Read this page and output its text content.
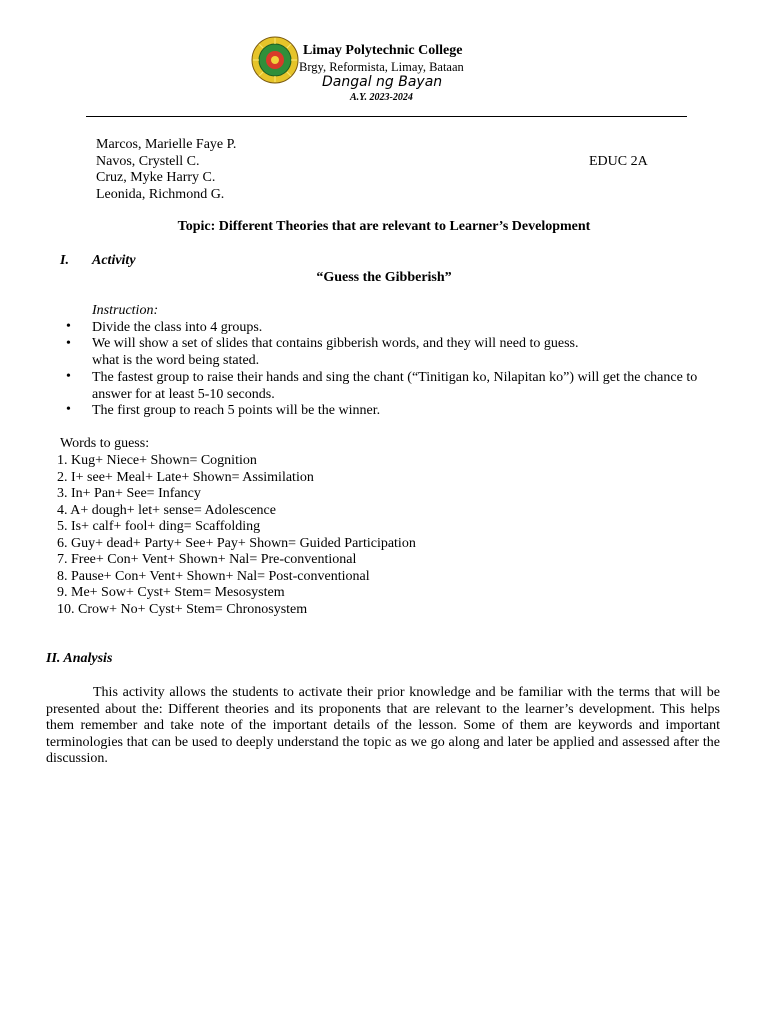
Limay Polytechnic College
Brgy, Reformista, Limay, Bataan
Dangal ng Bayan
A.Y. 2023-2024
Marcos, Marielle Faye P.
Navos, Crystell C.
Cruz, Myke Harry C.
Leonida, Richmond G.
EDUC 2A
Topic: Different Theories that are relevant to Learner’s Development
I. Activity
“Guess the Gibberish”
Instruction:
• Divide the class into 4 groups.
• We will show a set of slides that contains gibberish words, and they will need to guess.
what is the word being stated.
• The fastest group to raise their hands and sing the chant (“Tinitigan ko, Nilapitan ko”) will get the chance to answer for at least 5-10 seconds.
• The first group to reach 5 points will be the winner.
Words to guess:
1. Kug+ Niece+ Shown= Cognition
2. I+ see+ Meal+ Late+ Shown= Assimilation
3. In+ Pan+ See= Infancy
4. A+ dough+ let+ sense= Adolescence
5. Is+ calf+ fool+ ding= Scaffolding
6. Guy+ dead+ Party+ See+ Pay+ Shown= Guided Participation
7. Free+ Con+ Vent+ Shown+ Nal= Pre-conventional
8. Pause+ Con+ Vent+ Shown+ Nal= Post-conventional
9. Me+ Sow+ Cyst+ Stem= Mesosystem
10. Crow+ No+ Cyst+ Stem= Chronosystem
II. Analysis
This activity allows the students to activate their prior knowledge and be familiar with the terms that will be presented about the: Different theories and its proponents that are relevant to the learner’s development. This helps them remember and take note of the important details of the lesson. Some of them are keywords and important terminologies that can be used to deeply understand the topic as we go along and later be applied and assessed after the discussion.
